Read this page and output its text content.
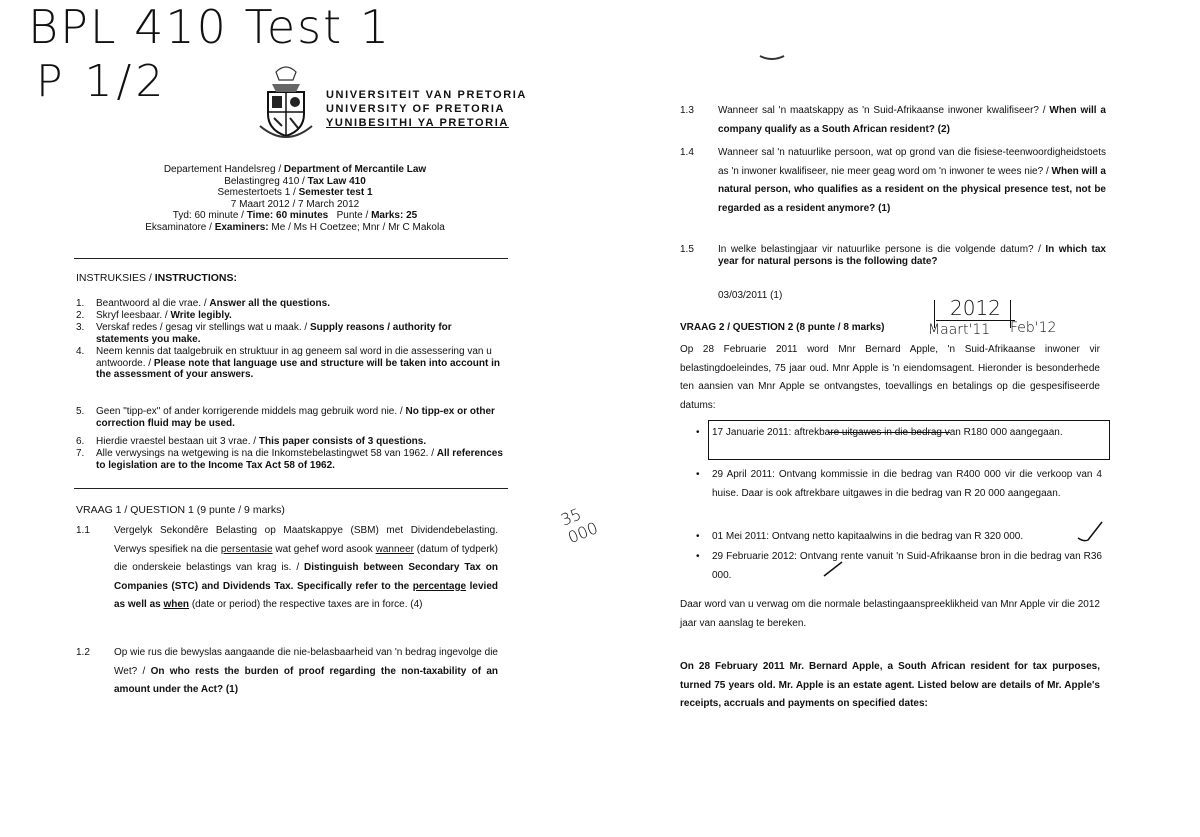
BPL 410 Test 1
P 1/2	UNIVERSITEIT VAN PRETORIA
UNIVERSITY OF PRETORIA
YUNIBESITHI YA PRETORIA
Departement Handelsreg / Department of Mercantile Law
Belastingreg 410 / Tax Law 410
Semestertoets 1 / Semester test 1
7 Maart 2012 / 7 March 2012
Tyd: 60 minute / Time: 60 minutes Punte / Marks: 25
Eksaminatore / Examiners: Me / Ms H Coetzee; Mnr / Mr C Makola
INSTRUKSIES / INSTRUCTIONS:
1.	Beantwoord al die vrae. / Answer all the questions.
2.	Skryf leesbaar. / Write legibly.
3.	Verskaf redes / gesag vir stellings wat u maak. / Supply reasons / authority for statements you make.
4.	Neem kennis dat taalgebruik en struktuur in ag geneem sal word in die assessering van u antwoorde. / Please note that language use and structure will be taken into account in the assessment of your answers.
5.	Geen "tipp-ex" of ander korrigerende middels mag gebruik word nie. / No tipp-ex or other correction fluid may be used.
6.	Hierdie vraestel bestaan uit 3 vrae. / This paper consists of 3 questions.
7.	Alle verwysings na wetgewing is na die Inkomstebelastingwet 58 van 1962. / All references to legislation are to the Income Tax Act 58 of 1962.
VRAAG 1 / QUESTION 1 (9 punte / 9 marks)
1.1 Vergelyk Sekondêre Belasting op Maatskappye (SBM) met Dividendebelasting. Verwys spesifiek na die persentasie wat gehef word asook wanneer (datum of tydperk) die onderskeie belastings van krag is. / Distinguish between Secondary Tax on Companies (STC) and Dividends Tax. Specifically refer to the percentage levied as well as when (date or period) the respective taxes are in force. (4)
1.2 Op wie rus die bewyslas aangaande die nie-belasbaarheid van 'n bedrag ingevolge die Wet? / On who rests the burden of proof regarding the non-taxability of an amount under the Act? (1)
35 000
1.3 Wanneer sal 'n maatskappy as 'n Suid-Afrikaanse inwoner kwalifiseer? / When will a company qualify as a South African resident? (2)
1.4 Wanneer sal 'n natuurlike persoon, wat op grond van die fisiese-teenwoordigheidstoets as 'n inwoner kwalifiseer, nie meer geag word om 'n inwoner te wees nie? / When will a natural person, who qualifies as a resident on the physical presence test, not be regarded as a resident anymore? (1)
1.5 In welke belastingjaar vir natuurlike persone is die volgende datum? / In which tax year for natural persons is the following date?
03/03/2011 (1)
2012
Maart'11 Feb'12
VRAAG 2 / QUESTION 2 (8 punte / 8 marks)
Op 28 Februarie 2011 word Mnr Bernard Apple, 'n Suid-Afrikaanse inwoner vir belastingdoeleindes, 75 jaar oud. Mnr Apple is 'n eiendomsagent. Hieronder is besonderhede ten aansien van Mnr Apple se ontvangstes, toevallings en betalings op die gespesifiseerde datums:
• 17 Januarie 2011: aftrekbare uitgawes in die bedrag van R180 000 aangegaan.
• 29 April 2011: Ontvang kommissie in die bedrag van R400 000 vir die verkoop van 4 huise. Daar is ook aftrekbare uitgawes in die bedrag van R 20 000 aangegaan.
• 01 Mei 2011: Ontvang netto kapitaalwins in die bedrag van R 320 000.
• 29 Februarie 2012: Ontvang rente vanuit 'n Suid-Afrikaanse bron in die bedrag van R36 000.
Daar word van u verwag om die normale belastingaanspreeklikheid van Mnr Apple vir die 2012 jaar van aanslag te bereken.
On 28 February 2011 Mr. Bernard Apple, a South African resident for tax purposes, turned 75 years old. Mr. Apple is an estate agent. Listed below are details of Mr. Apple's receipts, accruals and payments on specified dates:
